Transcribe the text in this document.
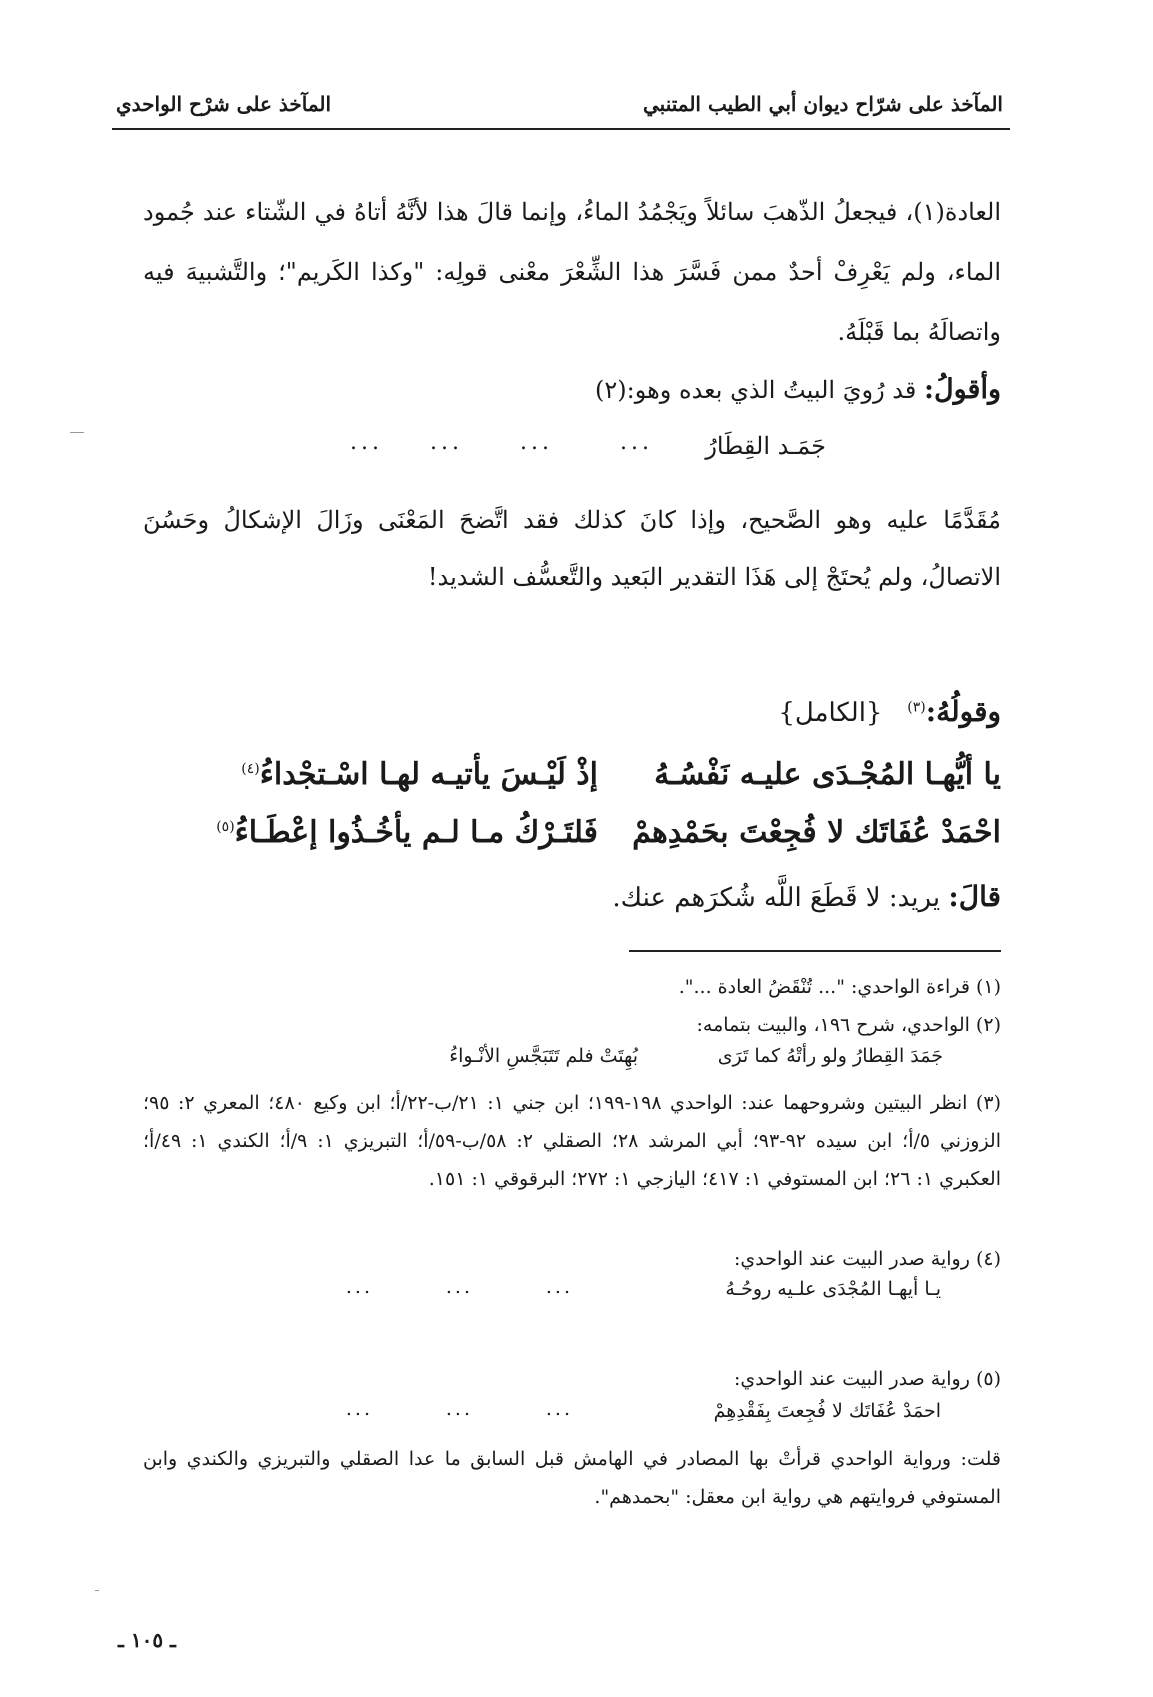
المآخذ على شرّاح ديوان أبي الطيب المتنبي
المآخذ على شرْح الواحدي
العادة(١)، فيجعلُ الذّهبَ سائلاً ويَجْمُدُ الماءُ، وإنما قالَ هذا لأنَّهُ أتاهُ في الشّتاء عند جُمود الماء، ولم يَعْرِفْ أحدٌ ممن فَسَّرَ هذا الشِّعْرَ معْنى قولِه: "وكذا الكَريم"؛ والتَّشبيهَ فيه واتصالَهُ بما قَبْلَهُ.
وأقولُ: قد رُويَ البيتُ الذي بعده وهو:(٢)
جَمَـد القِطَارُ
...
...
...
...
مُقَدَّمًا عليه وهو الصَّحيح، وإذا كانَ كذلك فقد اتَّضحَ المَعْنَى وزَالَ الإشكالُ وحَسُنَ الاتصالُ، ولم يُحتَجْ إلى هَذَا التقدير البَعيد والتَّعسُّف الشديد!
وقولُهُ:$^{(٣)}$   {الكامل}
يا أيُّهـا المُجْـدَى عليـه نَفْسُـهُ
إذْ لَيْـسَ يأتيـه لهـا اسْـتجْداءُ$^{(٤)}$
احْمَدْ عُفَاتَك لا فُجِعْتَ بحَمْدِهمْ
فَلتَـرْكُ مـا لـم يأخُـذُوا إعْطَـاءُ$^{(٥)}$
قالَ: يريد: لا قَطَعَ اللَّه شُكرَهم عنك.
(١) قراءة الواحدي: "... تُنْقَضُ العادة ...".
(٢) الواحدي، شرح ١٩٦، والبيت بتمامه:
جَمَدَ القِطارُ ولو رأتْهُ كما تَرَى
بُهِتَتْ فلم تَتَبَجَّسِ الأنْـواءُ
(٣) انظر البيتين وشروحهما عند: الواحدي ١٩٨-١٩٩؛ ابن جني ١: ٢١/ب-٢٢/أ؛ ابن وكيع ٤٨٠؛ المعري ٢: ٩٥؛ الزوزني ٥/أ؛ ابن سيده ٩٢-٩٣؛ أبي المرشد ٢٨؛ الصقلي ٢: ٥٨/ب-٥٩/أ؛ التبريزي ١: ٩/أ؛ الكندي ١: ٤٩/أ؛ العكبري ١: ٢٦؛ ابن المستوفي ١: ٤١٧؛ اليازجي ١: ٢٧٢؛ البرقوقي ١: ١٥١.
(٤) رواية صدر البيت عند الواحدي:
يـا أيهـا المُجْدَى علـيه روحُـهُ
...
...
...
(٥) رواية صدر البيت عند الواحدي:
احمَدْ عُفَاتَك لا فُجِعتَ بِفَقْدِهِمْ
...
...
...
قلت: ورواية الواحدي قرأتْ بها المصادر في الهامش قبل السابق ما عدا الصقلي والتبريزي والكندي وابن المستوفي فروايتهم هي رواية ابن معقل: "بحمدهم".
ـ ١٠٥ ـ
